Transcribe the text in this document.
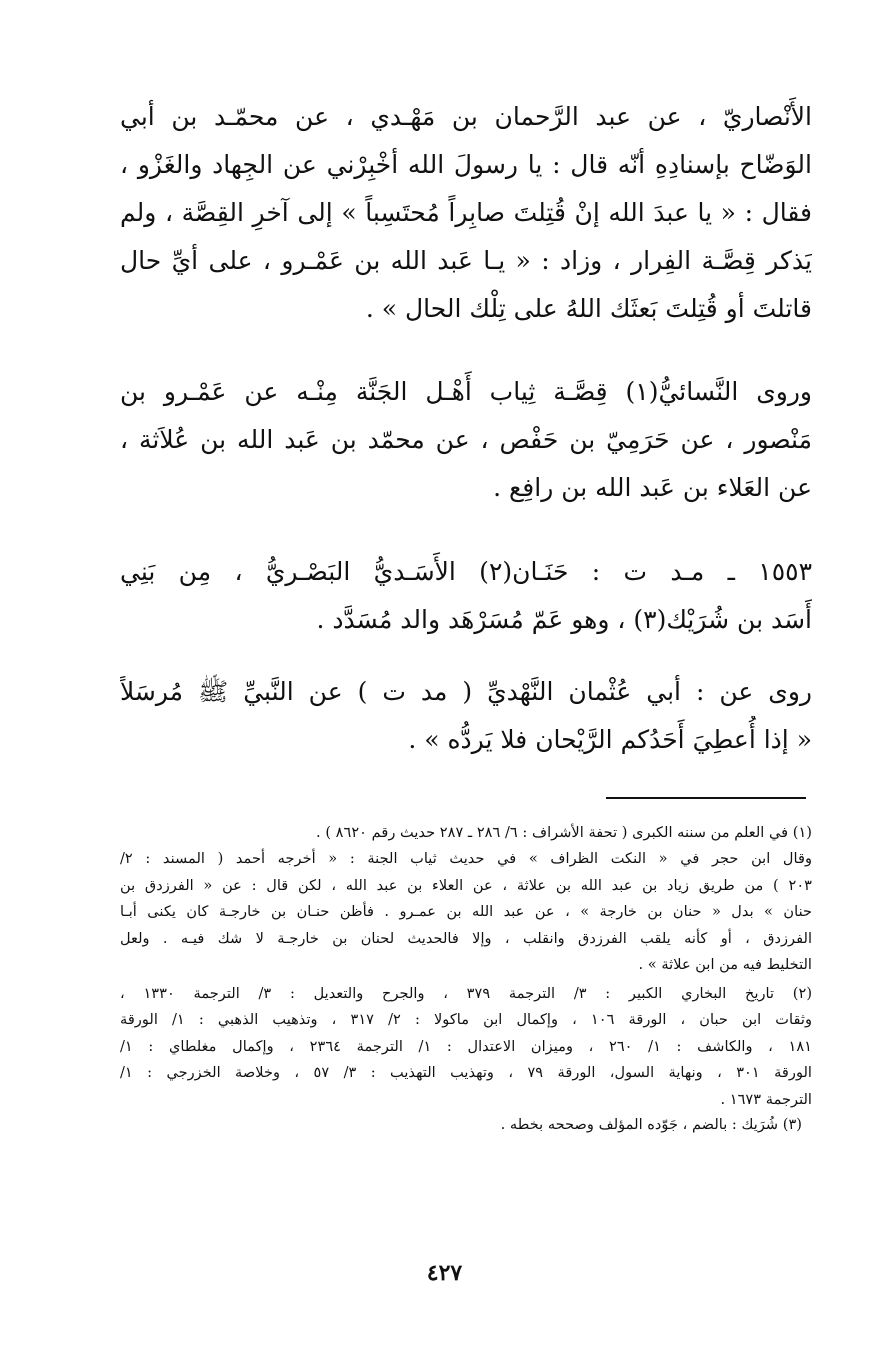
الأَنْصاريّ ، عن عبد الرَّحمان بن مَهْـدي ، عن محمّـد بن أبي
الوَضّاح بإسنادِهِ أنّه قال : يا رسولَ الله أخْبِرْني عن الجِهاد والغَزْو ،
فقال : « يا عبدَ الله إنْ قُتِلتَ صابِراً مُحتَسِباً » إلى آخرِ القِصَّة ، ولم
يَذكر قِصَّـة الفِرار ، وزاد : « يـا عَبد الله بن عَمْـرو ، على أيِّ حال
قاتلتَ أو قُتِلتَ بَعثَك اللهُ على تِلْك الحال » .
وروى النَّسائيُّ(١) قِصَّـة ثِياب أَهْـل الجَنَّة مِنْـه عن عَمْـرو بن
مَنْصور ، عن حَرَمِيّ بن حَفْص ، عن محمّد بن عَبد الله بن عُلاَثة ،
عن العَلاء بن عَبد الله بن رافِع .
١٥٥٣ ـ مـد ت : حَنَـان(٢) الأَسَـديُّ البَصْـريُّ ، مِن بَنِي
أَسَد بن شُرَيْك(٣) ، وهو عَمّ مُسَرْهَد والد مُسَدَّد .
روى عن : أبي عُثْمان النَّهْديِّ ( مد ت ) عن النَّبيِّ ﷺ مُرسَلاً
« إذا أُعطِيَ أَحَدُكم الرَّيْحان فلا يَردُّه » .
(١) في العلم من سننه الكبرى ( تحفة الأشراف : ٦/ ٢٨٦ ـ ٢٨٧ حديث رقم ٨٦٢٠ ) .
وقال ابن حجر في « النكت الظراف » في حديث ثياب الجنة : « أخرجه أحمد ( المسند : ٢/
٢٠٣ ) من طريق زياد بن عبد الله بن علاثة ، عن العلاء بن عبد الله ، لكن قال : عن « الفرزدق بن
حنان » بدل « حنان بن خارجة » ، عن عبد الله بن عمـرو . فأظن حنـان بن خارجـة كان يكنى أبـا
الفرزدق ، أو كأنه يلقب الفرزدق وانقلب ، وإلا فالحديث لحنان بن خارجـة لا شك فيـه . ولعل
التخليط فيه من ابن علاثة » .
(٢) تاريخ البخاري الكبير : ٣/ الترجمة ٣٧٩ ، والجرح والتعديل : ٣/ الترجمة ١٣٣٠ ،
وثقات ابن حبان ، الورقة ١٠٦ ، وإكمال ابن ماكولا : ٢/ ٣١٧ ، وتذهيب الذهبي : ١/ الورقة
١٨١ ، والكاشف : ١/ ٢٦٠ ، وميزان الاعتدال : ١/ الترجمة ٢٣٦٤ ، وإكمال مغلطاي : ١/
الورقة ٣٠١ ، ونهاية السول، الورقة ٧٩ ، وتهذيب التهذيب : ٣/ ٥٧ ، وخلاصة الخزرجي : ١/
الترجمة ١٦٧٣ .
(٣) شُرَيك : بالضم ، جَوّده المؤلف وصححه بخطه .
٤٢٧
